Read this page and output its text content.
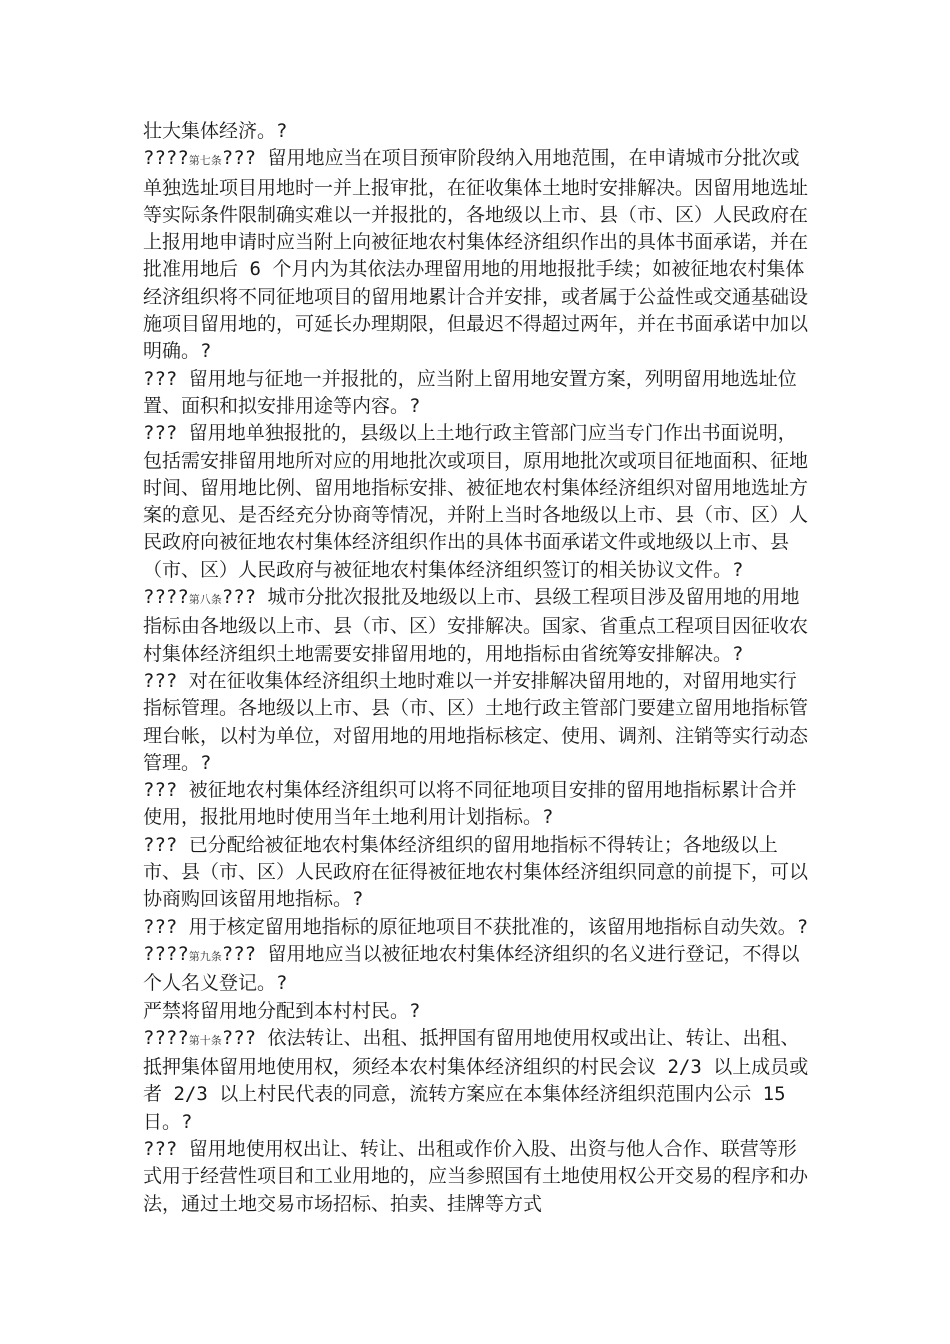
壮大集体经济。?

????第七条??? 留用地应当在项目预审阶段纳入用地范围，在申请城市分批次或单独选址项目用地时一并上报审批，在征收集体土地时安排解决。因留用地选址等实际条件限制确实难以一并报批的，各地级以上市、县（市、区）人民政府在上报用地申请时应当附上向被征地农村集体经济组织作出的具体书面承诺，并在批准用地后 6 个月内为其依法办理留用地的用地报批手续；如被征地农村集体经济组织将不同征地项目的留用地累计合并安排，或者属于公益性或交通基础设施项目留用地的，可延长办理期限，但最迟不得超过两年，并在书面承诺中加以明确。?

??? 留用地与征地一并报批的，应当附上留用地安置方案，列明留用地选址位置、面积和拟安排用途等内容。?

??? 留用地单独报批的，县级以上土地行政主管部门应当专门作出书面说明，包括需安排留用地所对应的用地批次或项目，原用地批次或项目征地面积、征地时间、留用地比例、留用地指标安排、被征地农村集体经济组织对留用地选址方案的意见、是否经充分协商等情况，并附上当时各地级以上市、县（市、区）人民政府向被征地农村集体经济组织作出的具体书面承诺文件或地级以上市、县（市、区）人民政府与被征地农村集体经济组织签订的相关协议文件。?

????第八条??? 城市分批次报批及地级以上市、县级工程项目涉及留用地的用地指标由各地级以上市、县（市、区）安排解决。国家、省重点工程项目因征收农村集体经济组织土地需要安排留用地的，用地指标由省统筹安排解决。?

??? 对在征收集体经济组织土地时难以一并安排解决留用地的，对留用地实行指标管理。各地级以上市、县（市、区）土地行政主管部门要建立留用地指标管理台帐，以村为单位，对留用地的用地指标核定、使用、调剂、注销等实行动态管理。?

??? 被征地农村集体经济组织可以将不同征地项目安排的留用地指标累计合并使用，报批用地时使用当年土地利用计划指标。?

??? 已分配给被征地农村集体经济组织的留用地指标不得转让；各地级以上市、县（市、区）人民政府在征得被征地农村集体经济组织同意的前提下，可以协商购回该留用地指标。?

??? 用于核定留用地指标的原征地项目不获批准的，该留用地指标自动失效。?

????第九条??? 留用地应当以被征地农村集体经济组织的名义进行登记，不得以个人名义登记。?

严禁将留用地分配到本村村民。?

????第十条??? 依法转让、出租、抵押国有留用地使用权或出让、转让、出租、抵押集体留用地使用权，须经本农村集体经济组织的村民会议 2/3 以上成员或者 2/3 以上村民代表的同意，流转方案应在本集体经济组织范围内公示 15 日。?

??? 留用地使用权出让、转让、出租或作价入股、出资与他人合作、联营等形式用于经营性项目和工业用地的，应当参照国有土地使用权公开交易的程序和办法，通过土地交易市场招标、拍卖、挂牌等方式
